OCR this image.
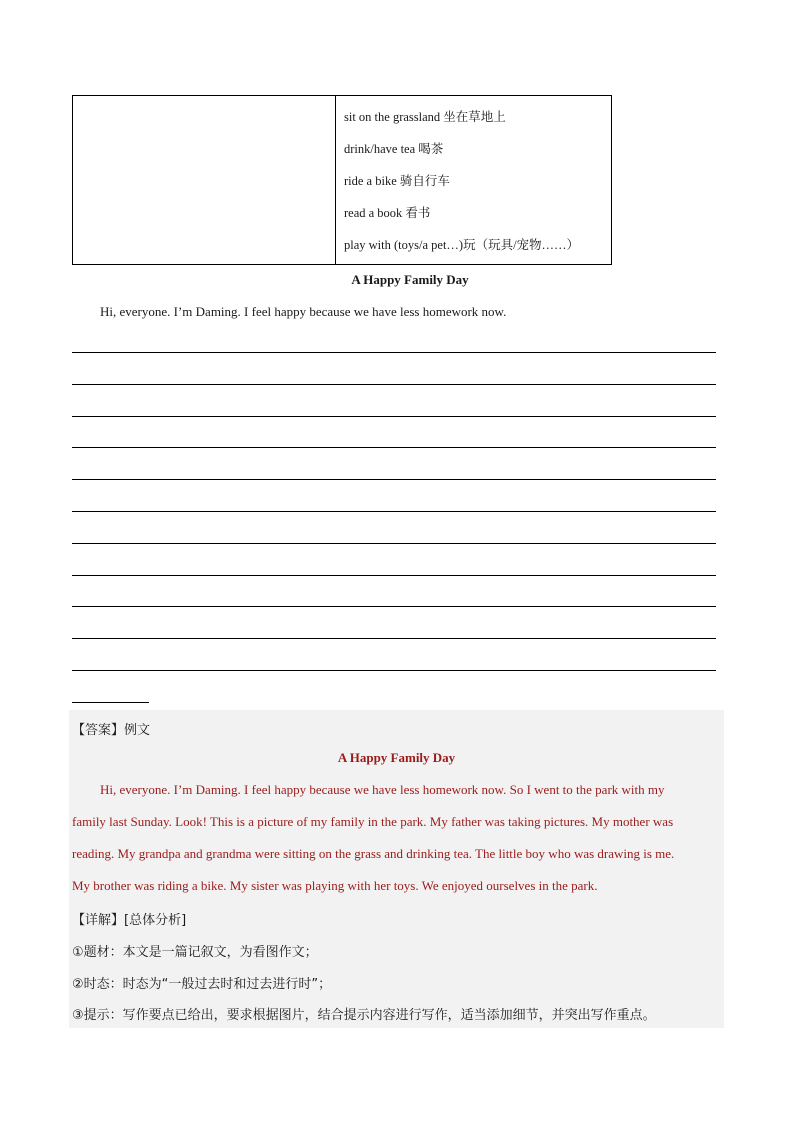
sit on the grassland 坐在草地上
drink/have tea 喝茶
ride a bike 骑自行车
read a book 看书
play with (toys/a pet…)玩（玩具/宠物……）
A Happy Family Day
Hi, everyone. I’m Daming. I feel happy because we have less homework now.
【答案】例文
A Happy Family Day
Hi, everyone. I’m Daming. I feel happy because we have less homework now. So I went to the park with my
family last Sunday. Look! This is a picture of my family in the park. My father was taking pictures. My mother was
reading. My grandpa and grandma were sitting on the grass and drinking tea. The little boy who was drawing is me.
My brother was riding a bike. My sister was playing with her toys. We enjoyed ourselves in the park.
【详解】[总体分析]
①题材：本文是一篇记叙文，为看图作文；
②时态：时态为“一般过去时和过去进行时”；
③提示：写作要点已给出，要求根据图片，结合提示内容进行写作，适当添加细节，并突出写作重点。
